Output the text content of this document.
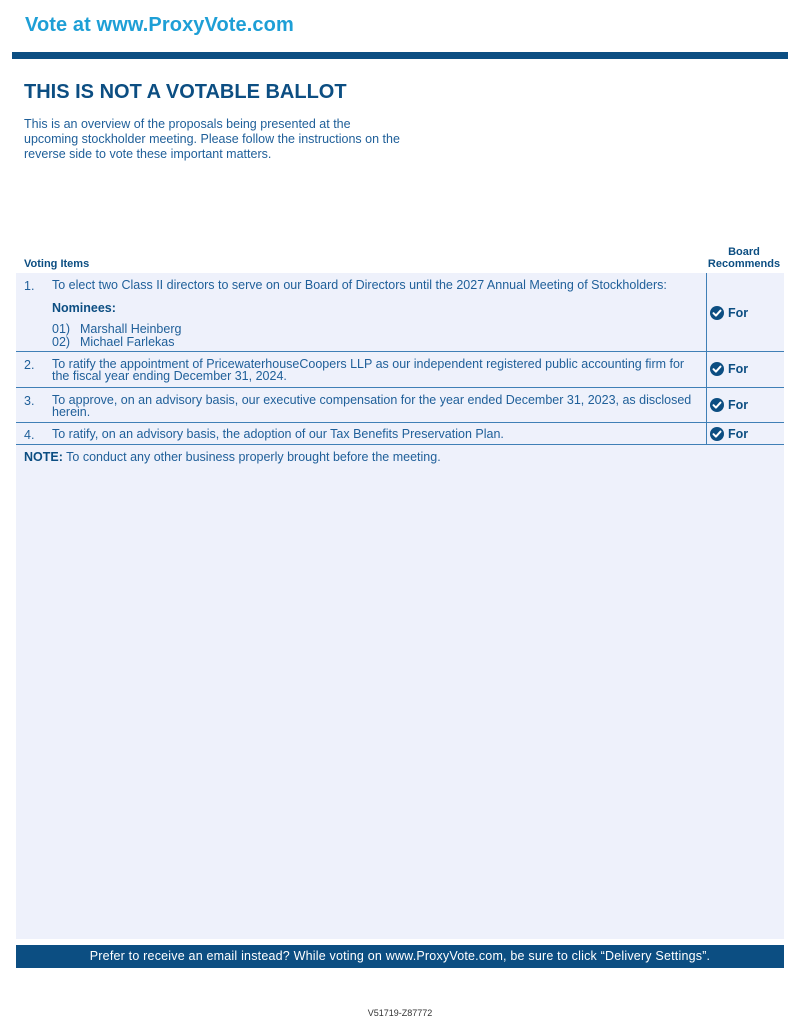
Vote at www.ProxyVote.com
THIS IS NOT A VOTABLE BALLOT
This is an overview of the proposals being presented at the upcoming stockholder meeting. Please follow the instructions on the reverse side to vote these important matters.
Voting Items
Board
Recommends
1. To elect two Class II directors to serve on our Board of Directors until the 2027 Annual Meeting of Stockholders:
Nominees:
01) Marshall Heinberg
02) Michael Farlekas
For
2. To ratify the appointment of PricewaterhouseCoopers LLP as our independent registered public accounting firm for the fiscal year ending December 31, 2024.	For
3. To approve, on an advisory basis, our executive compensation for the year ended December 31, 2023, as disclosed herein.	For
4. To ratify, on an advisory basis, the adoption of our Tax Benefits Preservation Plan.	For
NOTE: To conduct any other business properly brought before the meeting.
Prefer to receive an email instead? While voting on www.ProxyVote.com, be sure to click “Delivery Settings”.
V51719-Z87772
